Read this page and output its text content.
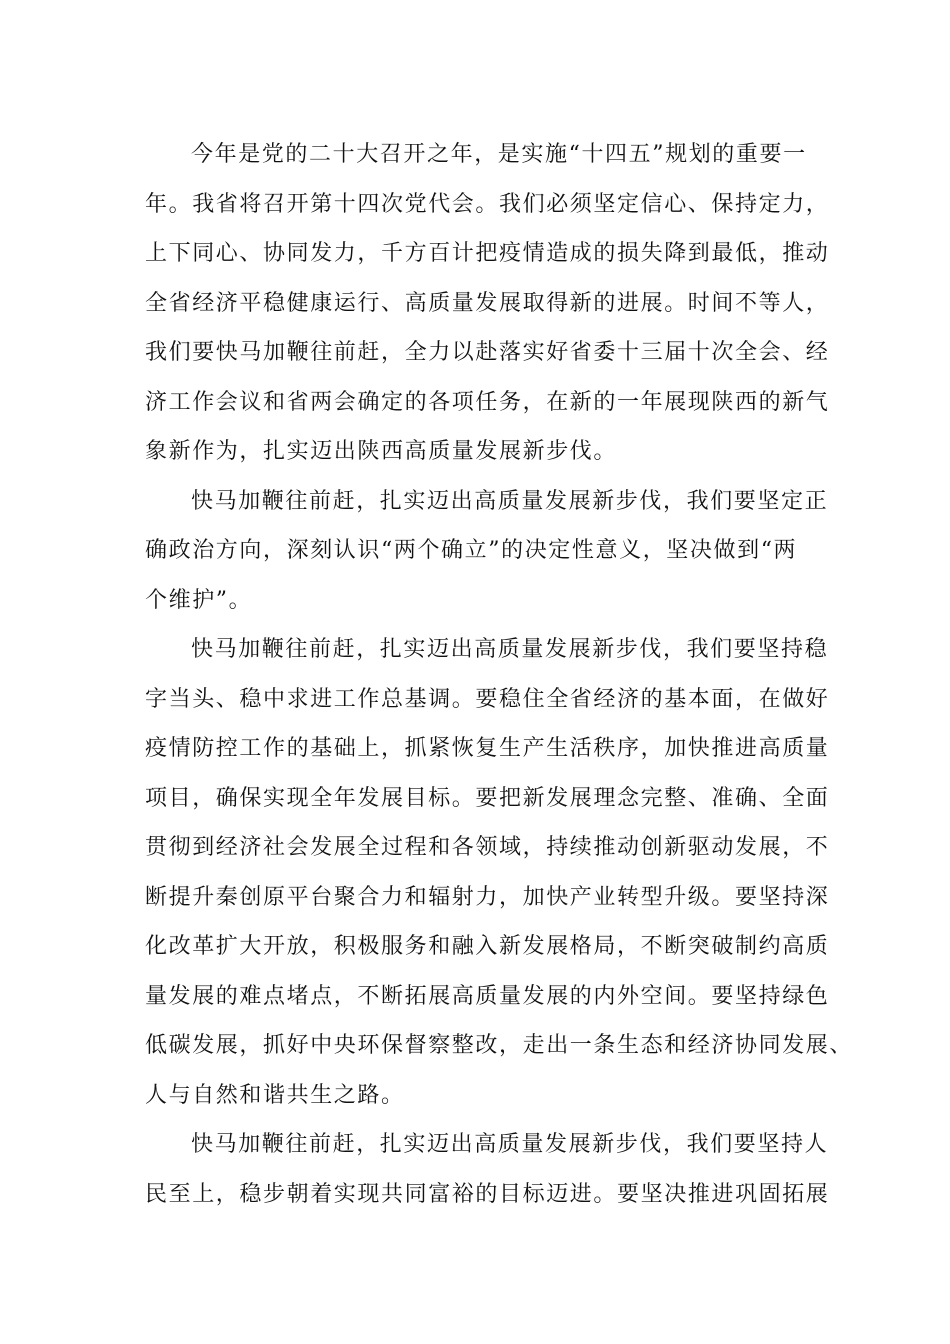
今年是党的二十大召开之年，是实施“十四五”规划的重要一
年。我省将召开第十四次党代会。我们必须坚定信心、保持定力，
上下同心、协同发力，千方百计把疫情造成的损失降到最低，推动
全省经济平稳健康运行、高质量发展取得新的进展。时间不等人，
我们要快马加鞭往前赶，全力以赴落实好省委十三届十次全会、经
济工作会议和省两会确定的各项任务，在新的一年展现陕西的新气
象新作为，扎实迈出陕西高质量发展新步伐。
快马加鞭往前赶，扎实迈出高质量发展新步伐，我们要坚定正
确政治方向，深刻认识“两个确立”的决定性意义，坚决做到“两
个维护”。
快马加鞭往前赶，扎实迈出高质量发展新步伐，我们要坚持稳
字当头、稳中求进工作总基调。要稳住全省经济的基本面，在做好
疫情防控工作的基础上，抓紧恢复生产生活秩序，加快推进高质量
项目，确保实现全年发展目标。要把新发展理念完整、准确、全面
贯彻到经济社会发展全过程和各领域，持续推动创新驱动发展，不
断提升秦创原平台聚合力和辐射力，加快产业转型升级。要坚持深
化改革扩大开放，积极服务和融入新发展格局，不断突破制约高质
量发展的难点堵点，不断拓展高质量发展的内外空间。要坚持绿色
低碳发展，抓好中央环保督察整改，走出一条生态和经济协同发展、
人与自然和谐共生之路。
快马加鞭往前赶，扎实迈出高质量发展新步伐，我们要坚持人
民至上，稳步朝着实现共同富裕的目标迈进。要坚决推进巩固拓展
